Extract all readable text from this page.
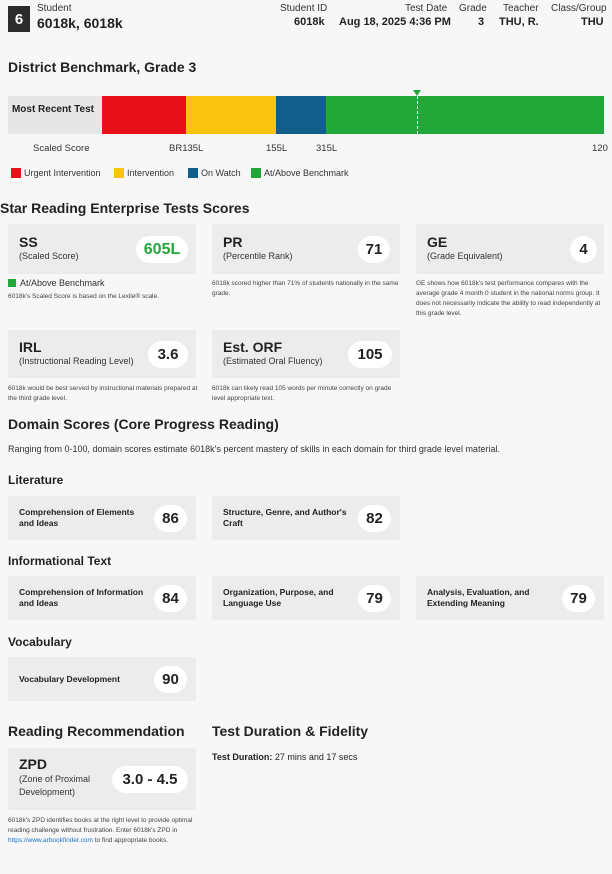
6
Student
6018k, 6018k
Student ID
6018k
Test Date
Aug 18, 2025 4:36 PM
Grade
3
Teacher
THU, R.
Class/Group
THU
District Benchmark, Grade 3
Most Recent Test
Scaled Score	BR135L	155L	315L	120
Urgent Intervention	Intervention	On Watch	At/Above Benchmark
Star Reading Enterprise Tests Scores
SS
(Scaled Score)	605L
At/Above Benchmark
6018k's Scaled Score is based on the Lexile® scale.
PR
(Percentile Rank)	71
6018k scored higher than 71% of students nationally in the same grade.
GE
(Grade Equivalent)	4
GE shows how 6018k's test performance compares with the average grade 4 month 0 student in the national norms group. It does not necessarily indicate the ability to read independently at this grade level.
IRL
(Instructional Reading Level)	3.6
6018k would be best served by instructional materials prepared at the third grade level.
Est. ORF
(Estimated Oral Fluency)	105
6018k can likely read 105 words per minute correctly on grade level appropriate text.
Domain Scores (Core Progress Reading)
Ranging from 0-100, domain scores estimate 6018k's percent mastery of skills in each domain for third grade level material.
Literature
Comprehension of Elements and Ideas	86	Structure, Genre, and Author's Craft	82
Informational Text
Comprehension of Information and Ideas	84	Organization, Purpose, and Language Use	79	Analysis, Evaluation, and Extending Meaning	79
Vocabulary
Vocabulary Development	90
Reading Recommendation
ZPD
(Zone of Proximal Development)
3.0 - 4.5
6018k's ZPD identifies books at the right level to provide optimal reading challenge without frustration. Enter 6018k's ZPD in https://www.arbookfinder.com to find appropriate books.
Test Duration & Fidelity
Test Duration: 27 mins and 17 secs
